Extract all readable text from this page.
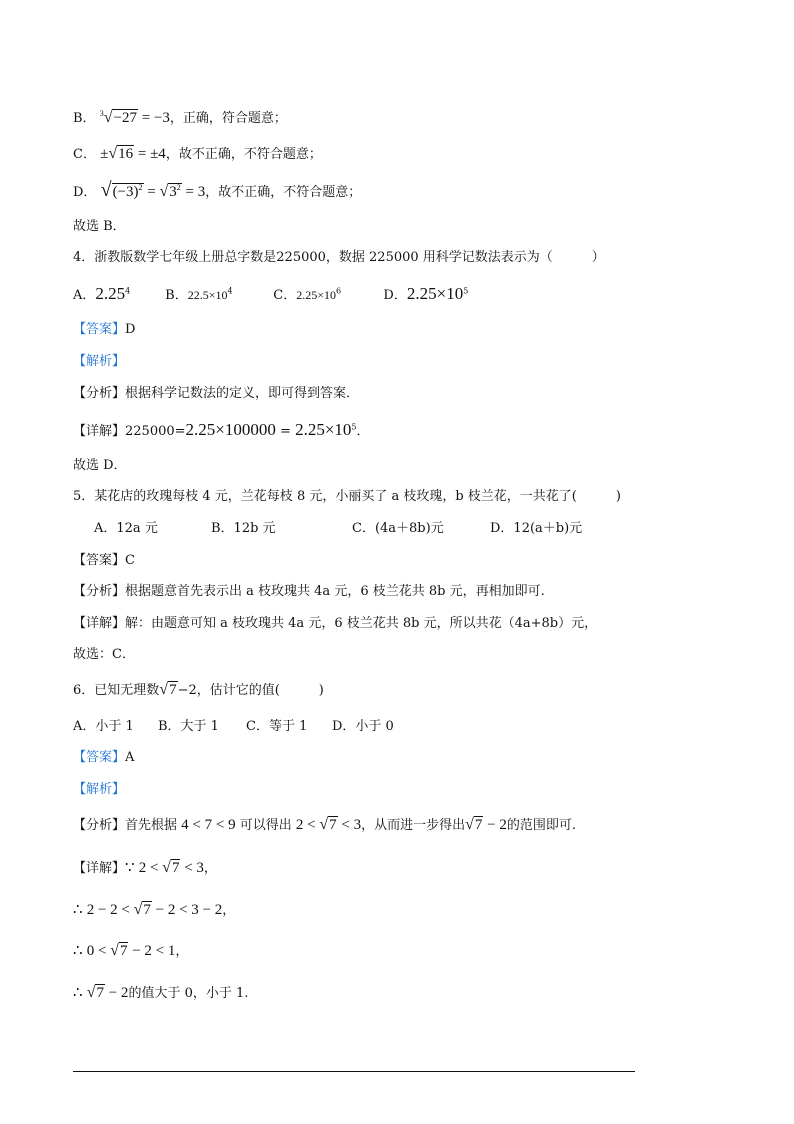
B． $^3$√−27 = −3，正确，符合题意；
C． ±√16 = ±4，故不正确，不符合题意；
D． $√(-3)^2 = √3^2 = 3$，故不正确，不符合题意；
故选 B．
4．浙教版数学七年级上册总字数是225000，数据 225000 用科学记数法表示为（　　　）
A．2.25$^4$	B．$22.5\times 10^4$	C．$2.25\times 10^6$	D．$2.25\times 10^5$
【答案】D
【解析】
【分析】根据科学记数法的定义，即可得到答案．
【详解】$225000=2.25\times 100000 = 2.25\times 10^5$．
故选 D．
5．某花店的玫瑰每枝 4 元，兰花每枝 8 元，小丽买了 a 枝玫瑰，b 枝兰花，一共花了(　　　)
A．12a 元	B．12b 元	C．(4a＋8b)元	D．12(a＋b)元
【答案】C
【分析】根据题意首先表示出 a 枝玫瑰共 4a 元，6 枝兰花共 8b 元，再相加即可.
【详解】解：由题意可知 a 枝玫瑰共 4a 元，6 枝兰花共 8b 元，所以共花（4a+8b）元，
故选：C．
6．已知无理数√7−2，估计它的值(　　　)
A．小于 1 B．大于 1 C．等于 1 D．小于 0
【答案】A
【解析】
【分析】首先根据 4 < 7 < 9 可以得出 2 < √7 < 3，从而进一步得出√7 − 2的范围即可.
【详解】∵ 2 < √7 < 3，
∴ 2 − 2 < √7 − 2 < 3 − 2，
∴ 0 < √7 − 2 < 1，
∴ √7 − 2的值大于 0，小于 1.
